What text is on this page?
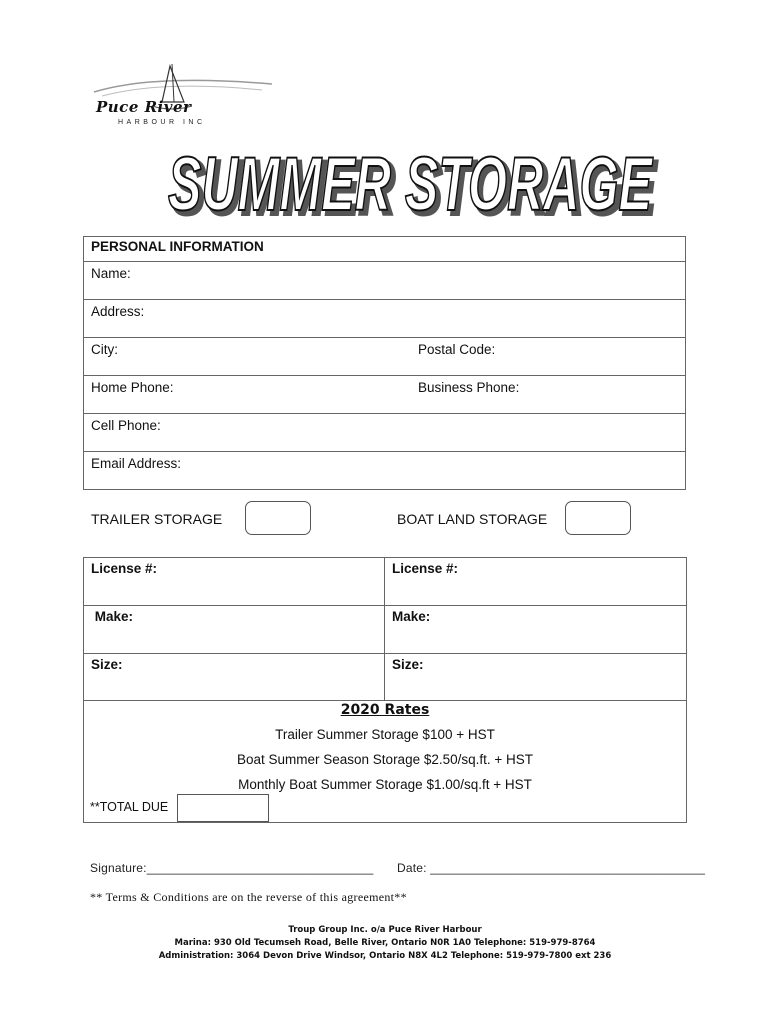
Puce River
HARBOUR INC
SUMMER STORAGE
SUMMER STORAGE
PERSONAL INFORMATION
Name:
Address:
City:	Postal Code:
Home Phone:	Business Phone:
Cell Phone:
Email Address:
TRAILER STORAGE	BOAT LAND STORAGE
License #:	License #:
Make:	Make:
Size:	Size:
2020 Rates
Trailer Summer Storage $100 + HST
Boat Summer Season Storage $2.50/sq.ft. + HST
Monthly Boat Summer Storage $1.00/sq.ft + HST
**TOTAL DUE
Signature:_________________________________ Date: ________________________________________
** Terms & Conditions are on the reverse of this agreement**
Troup Group Inc. o/a Puce River Harbour
Marina: 930 Old Tecumseh Road, Belle River, Ontario N0R 1A0 Telephone: 519-979-8764
Administration: 3064 Devon Drive Windsor, Ontario N8X 4L2 Telephone: 519-979-7800 ext 236
